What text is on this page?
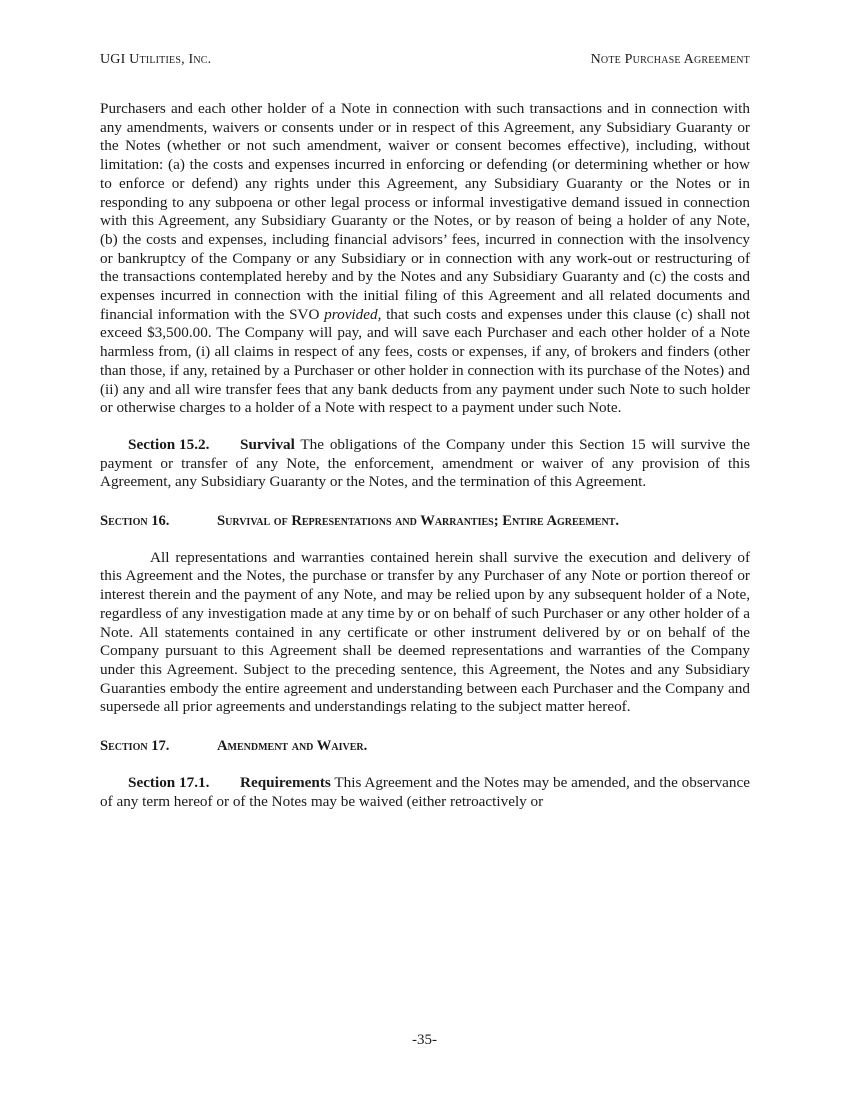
UGI Utilities, Inc.	Note Purchase Agreement

Purchasers and each other holder of a Note in connection with such transactions and in connection with any amendments, waivers or consents under or in respect of this Agreement, any Subsidiary Guaranty or the Notes (whether or not such amendment, waiver or consent becomes effective), including, without limitation: (a) the costs and expenses incurred in enforcing or defending (or determining whether or how to enforce or defend) any rights under this Agreement, any Subsidiary Guaranty or the Notes or in responding to any subpoena or other legal process or informal investigative demand issued in connection with this Agreement, any Subsidiary Guaranty or the Notes, or by reason of being a holder of any Note, (b) the costs and expenses, including financial advisors’ fees, incurred in connection with the insolvency or bankruptcy of the Company or any Subsidiary or in connection with any work-out or restructuring of the transactions contemplated hereby and by the Notes and any Subsidiary Guaranty and (c) the costs and expenses incurred in connection with the initial filing of this Agreement and all related documents and financial information with the SVO provided, that such costs and expenses under this clause (c) shall not exceed $3,500.00. The Company will pay, and will save each Purchaser and each other holder of a Note harmless from, (i) all claims in respect of any fees, costs or expenses, if any, of brokers and finders (other than those, if any, retained by a Purchaser or other holder in connection with its purchase of the Notes) and (ii) any and all wire transfer fees that any bank deducts from any payment under such Note to such holder or otherwise charges to a holder of a Note with respect to a payment under such Note.

Section 15.2. Survival The obligations of the Company under this Section 15 will survive the payment or transfer of any Note, the enforcement, amendment or waiver of any provision of this Agreement, any Subsidiary Guaranty or the Notes, and the termination of this Agreement.

Section 16.	Survival of Representations and Warranties; Entire Agreement.

All representations and warranties contained herein shall survive the execution and delivery of this Agreement and the Notes, the purchase or transfer by any Purchaser of any Note or portion thereof or interest therein and the payment of any Note, and may be relied upon by any subsequent holder of a Note, regardless of any investigation made at any time by or on behalf of such Purchaser or any other holder of a Note. All statements contained in any certificate or other instrument delivered by or on behalf of the Company pursuant to this Agreement shall be deemed representations and warranties of the Company under this Agreement. Subject to the preceding sentence, this Agreement, the Notes and any Subsidiary Guaranties embody the entire agreement and understanding between each Purchaser and the Company and supersede all prior agreements and understandings relating to the subject matter hereof.

Section 17.	Amendment and Waiver.

Section 17.1. Requirements This Agreement and the Notes may be amended, and the observance of any term hereof or of the Notes may be waived (either retroactively or

-35-
